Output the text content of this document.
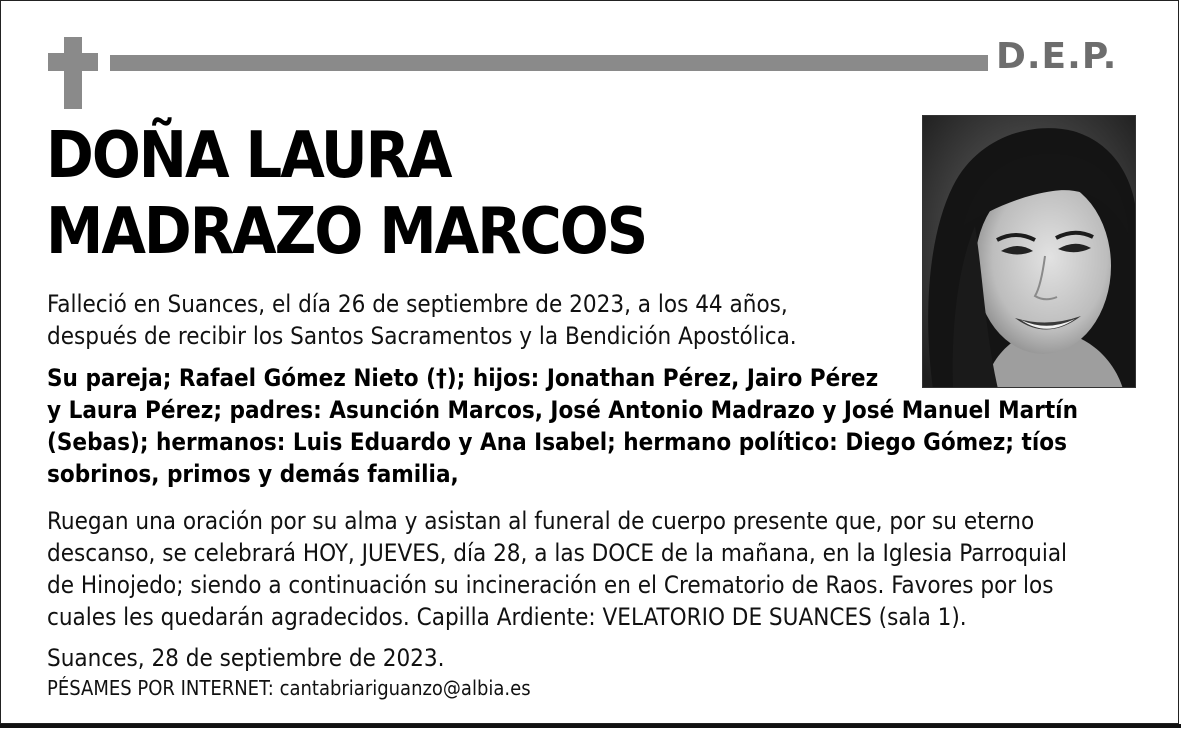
D.E.P.
DOÑA LAURA
MADRAZO MARCOS

Falleció en Suances, el día 26 de septiembre de 2023, a los 44 años,
después de recibir los Santos Sacramentos y la Bendición Apostólica.

Su pareja; Rafael Gómez Nieto (†); hijos: Jonathan Pérez, Jairo Pérez
y Laura Pérez; padres: Asunción Marcos, José Antonio Madrazo y José Manuel Martín
(Sebas); hermanos: Luis Eduardo y Ana Isabel; hermano político: Diego Gómez; tíos
sobrinos, primos y demás familia,

Ruegan una oración por su alma y asistan al funeral de cuerpo presente que, por su eterno
descanso, se celebrará HOY, JUEVES, día 28, a las DOCE de la mañana, en la Iglesia Parroquial
de Hinojedo; siendo a continuación su incineración en el Crematorio de Raos. Favores por los
cuales les quedarán agradecidos. Capilla Ardiente: VELATORIO DE SUANCES (sala 1).

Suances, 28 de septiembre de 2023.

PÉSAMES POR INTERNET: cantabriariguanzo@albia.es
